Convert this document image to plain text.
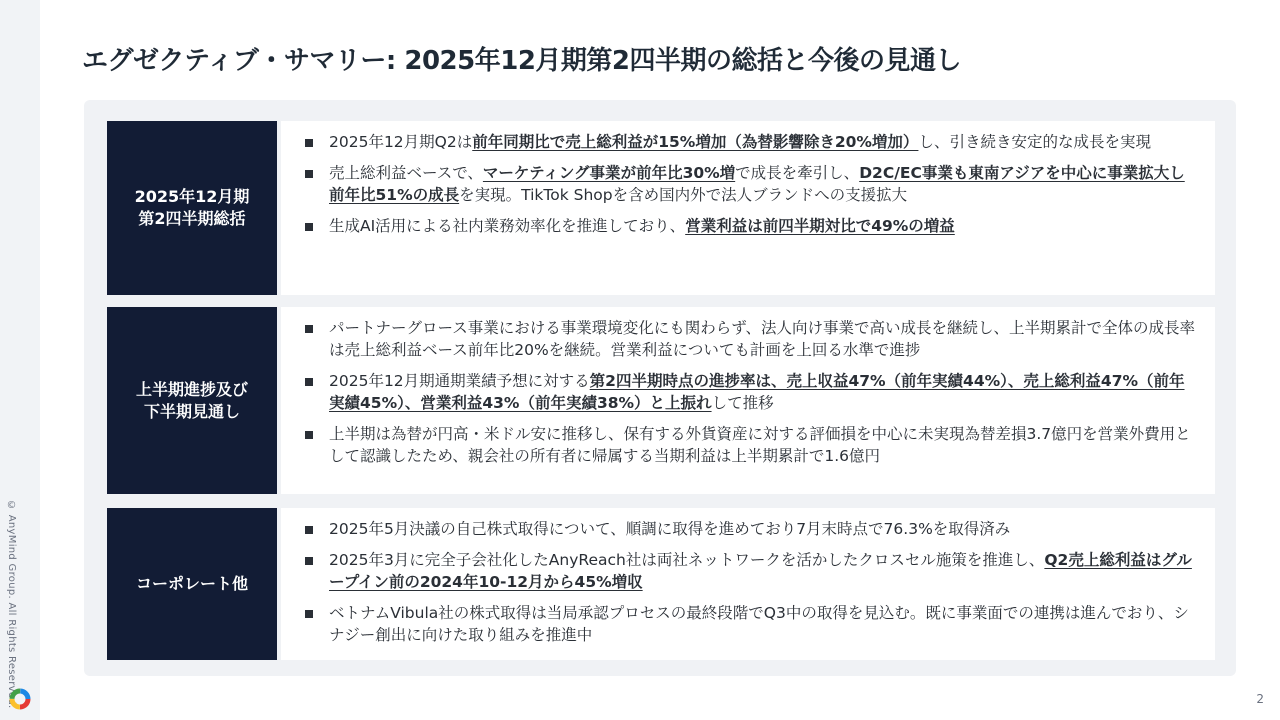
© AnyMind Group. All Rights Reserved.
エグゼクティブ・サマリー: 2025年12月期第2四半期の総括と今後の見通し
2025年12月期
第2四半期総括
2025年12月期Q2は前年同期比で売上総利益が15%増加（為替影響除き20%増加）し、引き続き安定的な成長を実現
売上総利益ベースで、マーケティング事業が前年比30%増で成長を牽引し、D2C/EC事業も東南アジアを中心に事業拡大し前年比51%の成長を実現。TikTok Shopを含め国内外で法人ブランドへの支援拡大
生成AI活用による社内業務効率化を推進しており、営業利益は前四半期対比で49%の増益
上半期進捗及び
下半期見通し
パートナーグロース事業における事業環境変化にも関わらず、法人向け事業で高い成長を継続し、上半期累計で全体の成長率は売上総利益ベース前年比20%を継続。営業利益についても計画を上回る水準で進捗
2025年12月期通期業績予想に対する第2四半期時点の進捗率は、売上収益47%（前年実績44%）、売上総利益47%（前年実績45%）、営業利益43%（前年実績38%）と上振れして推移
上半期は為替が円高・米ドル安に推移し、保有する外貨資産に対する評価損を中心に未実現為替差損3.7億円を営業外費用として認識したため、親会社の所有者に帰属する当期利益は上半期累計で1.6億円
コーポレート他
2025年5月決議の自己株式取得について、順調に取得を進めており7月末時点で76.3%を取得済み
2025年3月に完全子会社化したAnyReach社は両社ネットワークを活かしたクロスセル施策を推進し、Q2売上総利益はグループイン前の2024年10-12月から45%増収
ベトナムVibula社の株式取得は当局承認プロセスの最終段階でQ3中の取得を見込む。既に事業面での連携は進んでおり、シナジー創出に向けた取り組みを推進中
2
